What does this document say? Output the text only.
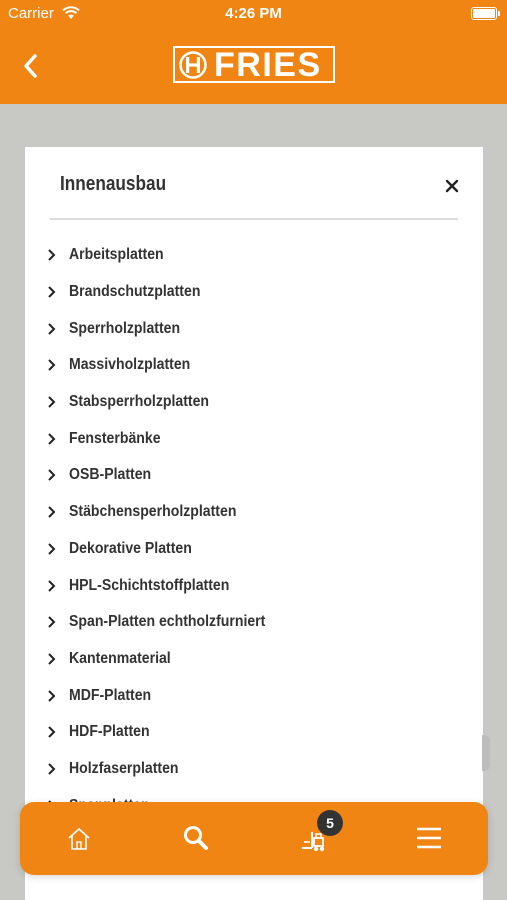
Carrier	4:26 PM
FRIES
Innenausbau
Arbeitsplatten
Brandschutzplatten
Sperrholzplatten
Massivholzplatten
Stabsperrholzplatten
Fensterbänke
OSB-Platten
Stäbchensperholzplatten
Dekorative Platten
HPL-Schichtstoffplatten
Span-Platten echtholzfurniert
Kantenmaterial
MDF-Platten
HDF-Platten
Holzfaserplatten
5
